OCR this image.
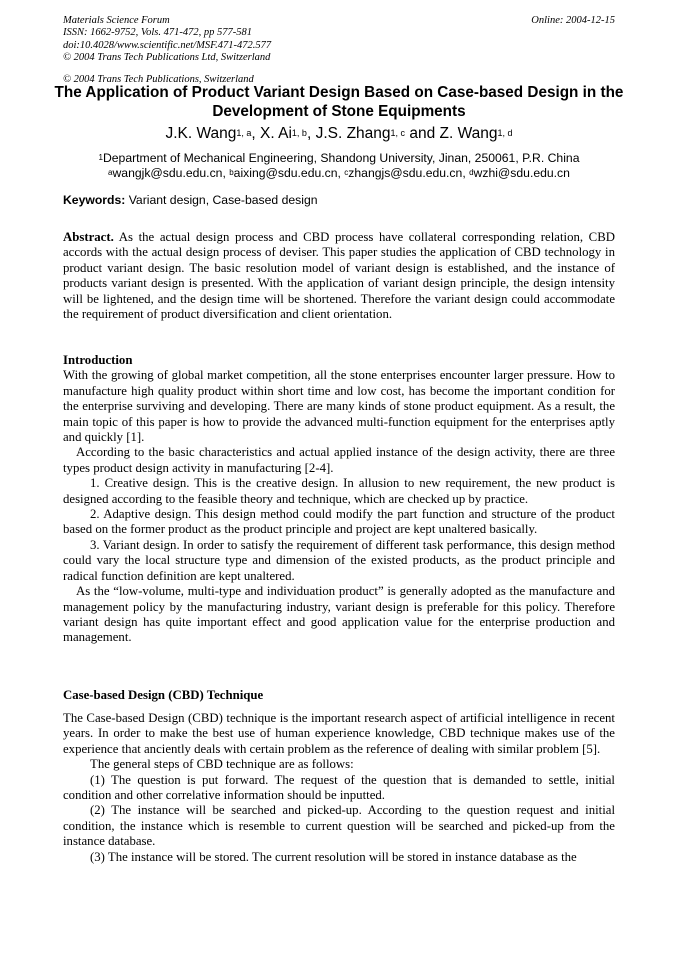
Materials Science Forum	Online: 2004-12-15
ISSN: 1662-9752, Vols. 471-472, pp 577-581
doi:10.4028/www.scientific.net/MSF.471-472.577
© 2004 Trans Tech Publications Ltd, Switzerland
© 2004 Trans Tech Publications, Switzerland
The Application of Product Variant Design Based on Case-based Design in the Development of Stone Equipments
J.K. Wang$^{1, a}$, X. Ai$^{1, b}$, J.S. Zhang$^{1, c}$ and Z. Wang$^{1, d}$
$^1$Department of Mechanical Engineering, Shandong University, Jinan, 250061, P.R. China
$^a$wangjk@sdu.edu.cn, $^b$aixing@sdu.edu.cn, $^c$zhangjs@sdu.edu.cn, $^d$wzhi@sdu.edu.cn
Keywords: Variant design, Case-based design

Abstract. As the actual design process and CBD process have collateral corresponding relation, CBD accords with the actual design process of deviser. This paper studies the application of CBD technology in product variant design. The basic resolution model of variant design is established, and the instance of products variant design is presented. With the application of variant design principle, the design intensity will be lightened, and the design time will be shortened. Therefore the variant design could accommodate the requirement of product diversification and client orientation.

Introduction

With the growing of global market competition, all the stone enterprises encounter larger pressure. How to manufacture high quality product within short time and low cost, has become the important condition for the enterprise surviving and developing. There are many kinds of stone product equipment. As a result, the main topic of this paper is how to provide the advanced multi-function equipment for the enterprises aptly and quickly [1].

According to the basic characteristics and actual applied instance of the design activity, there are three types product design activity in manufacturing [2-4].

1. Creative design. This is the creative design. In allusion to new requirement, the new product is designed according to the feasible theory and technique, which are checked up by practice.

2. Adaptive design. This design method could modify the part function and structure of the product based on the former product as the product principle and project are kept unaltered basically.

3. Variant design. In order to satisfy the requirement of different task performance, this design method could vary the local structure type and dimension of the existed products, as the product principle and radical function definition are kept unaltered.

As the “low-volume, multi-type and individuation product” is generally adopted as the manufacture and management policy by the manufacturing industry, variant design is preferable for this policy. Therefore variant design has quite important effect and good application value for the enterprise production and management.

Case-based Design (CBD) Technique

The Case-based Design (CBD) technique is the important research aspect of artificial intelligence in recent years. In order to make the best use of human experience knowledge, CBD technique makes use of the experience that anciently deals with certain problem as the reference of dealing with similar problem [5].

The general steps of CBD technique are as follows:

(1) The question is put forward. The request of the question that is demanded to settle, initial condition and other correlative information should be inputted.

(2) The instance will be searched and picked-up. According to the question request and initial condition, the instance which is resemble to current question will be searched and picked-up from the instance database.

(3) The instance will be stored. The current resolution will be stored in instance database as the
